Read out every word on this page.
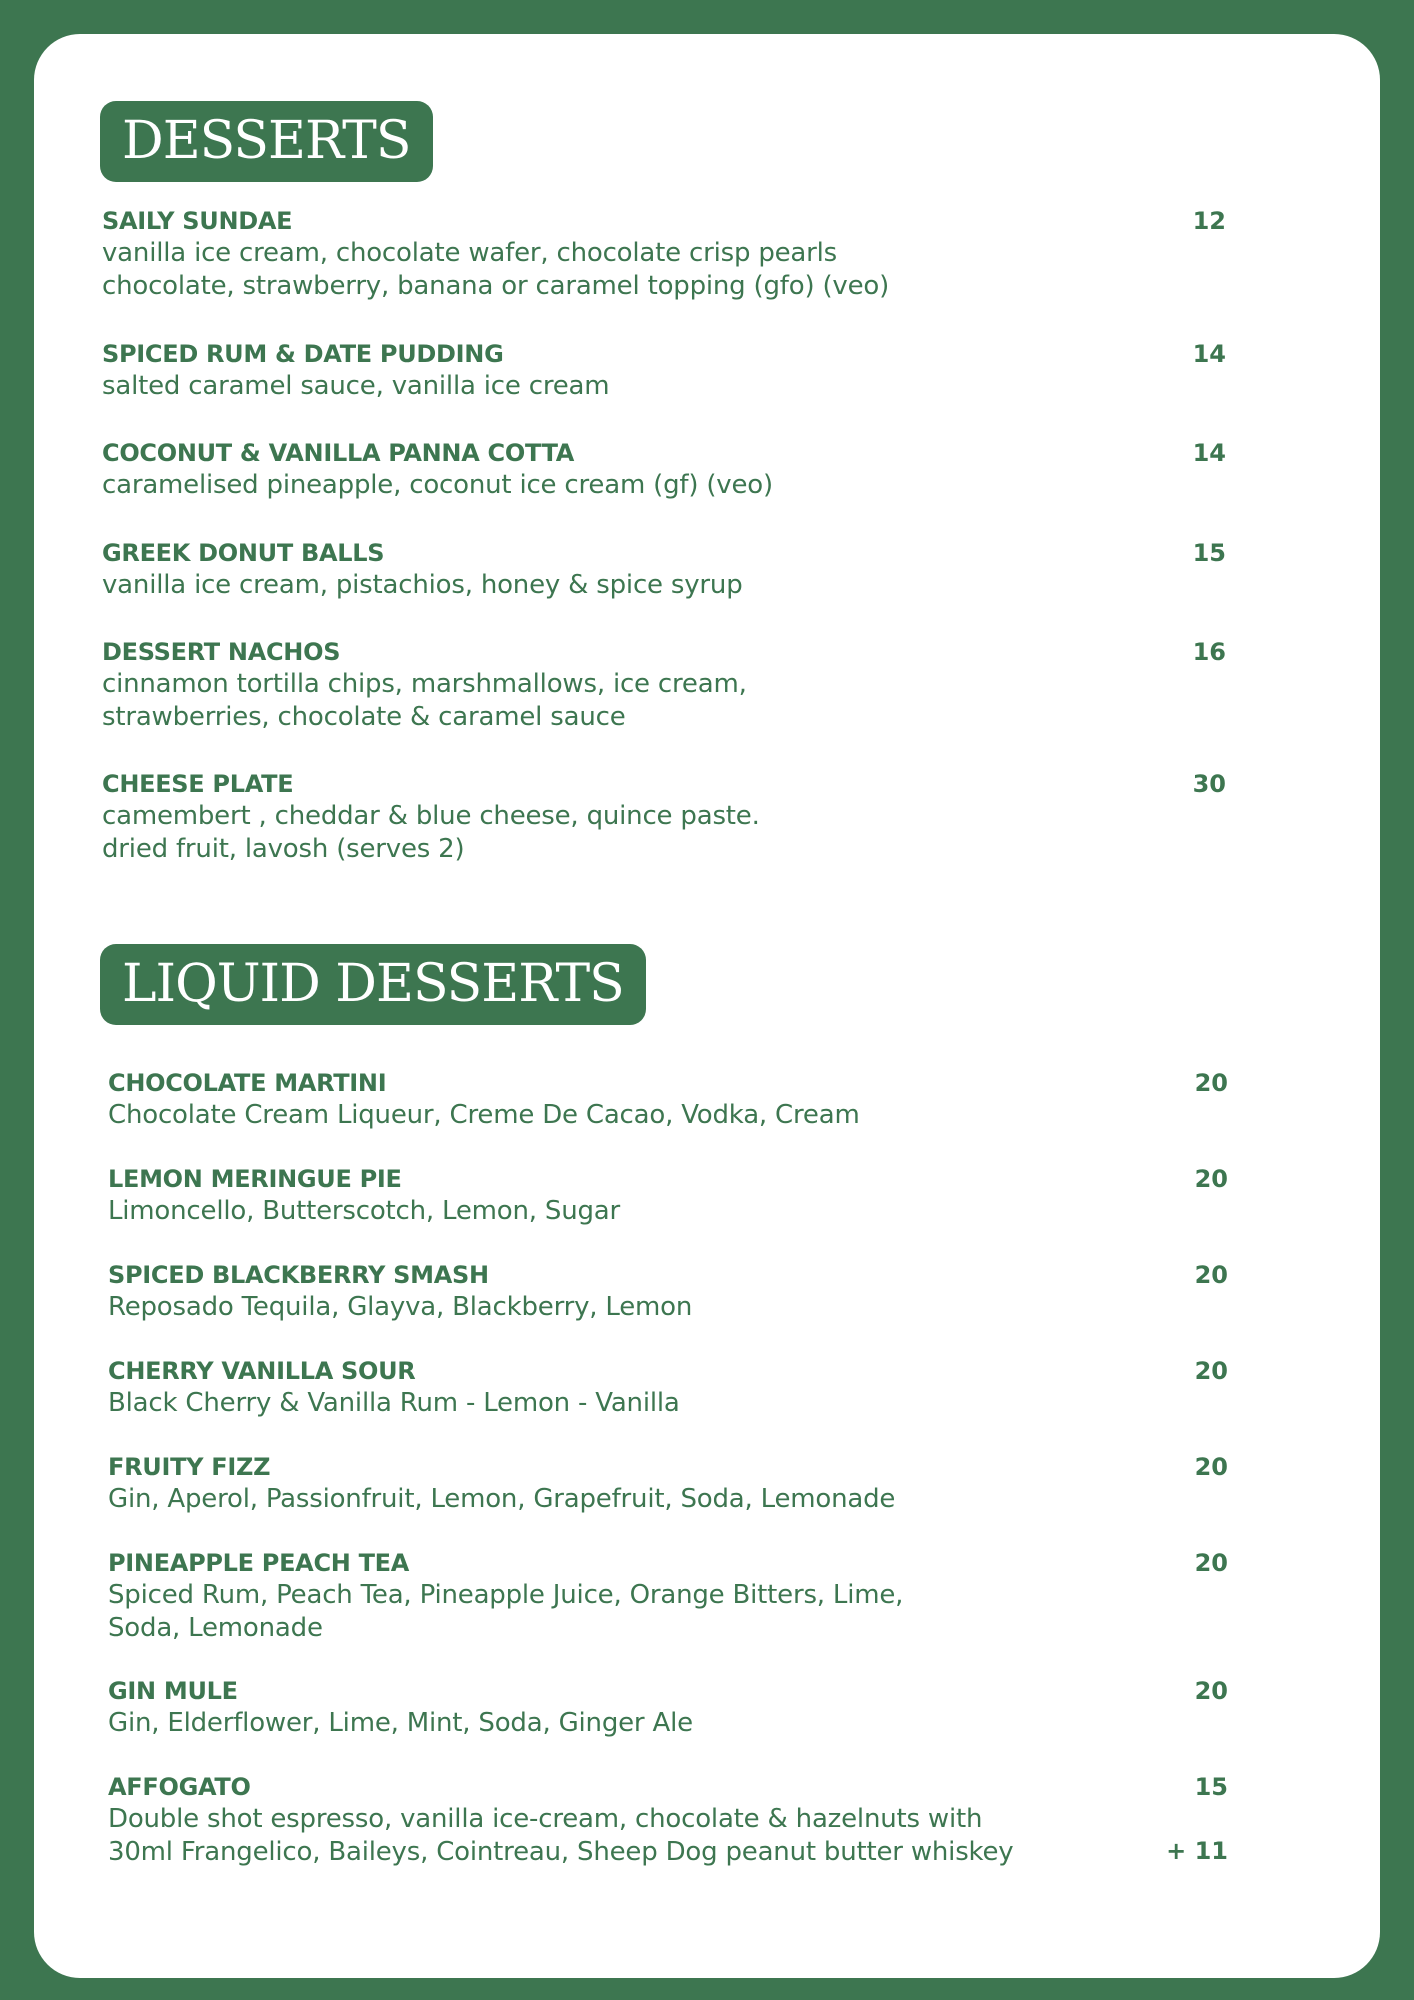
DESSERTS
SAILY SUNDAE
vanilla ice cream, chocolate wafer, chocolate crisp pearls
chocolate, strawberry, banana or caramel topping (gfo) (veo)
12
SPICED RUM & DATE PUDDING
salted caramel sauce, vanilla ice cream
14
COCONUT & VANILLA PANNA COTTA
caramelised pineapple, coconut ice cream (gf) (veo)
14
GREEK DONUT BALLS
vanilla ice cream, pistachios, honey & spice syrup
15
DESSERT NACHOS
cinnamon tortilla chips, marshmallows, ice cream,
strawberries, chocolate & caramel sauce
16
CHEESE PLATE
camembert , cheddar & blue cheese, quince paste.
dried fruit, lavosh (serves 2)
30
LIQUID DESSERTS
CHOCOLATE MARTINI
Chocolate Cream Liqueur, Creme De Cacao, Vodka, Cream
20
LEMON MERINGUE PIE
Limoncello, Butterscotch, Lemon, Sugar
20
SPICED BLACKBERRY SMASH
Reposado Tequila, Glayva, Blackberry, Lemon
20
CHERRY VANILLA SOUR
Black Cherry & Vanilla Rum - Lemon - Vanilla
20
FRUITY FIZZ
Gin, Aperol, Passionfruit, Lemon, Grapefruit, Soda, Lemonade
20
PINEAPPLE PEACH TEA
Spiced Rum, Peach Tea, Pineapple Juice, Orange Bitters, Lime,
Soda, Lemonade
20
GIN MULE
Gin, Elderflower, Lime, Mint, Soda, Ginger Ale
20
AFFOGATO
Double shot espresso, vanilla ice-cream, chocolate & hazelnuts with
30ml Frangelico, Baileys, Cointreau, Sheep Dog peanut butter whiskey
15
+ 11
